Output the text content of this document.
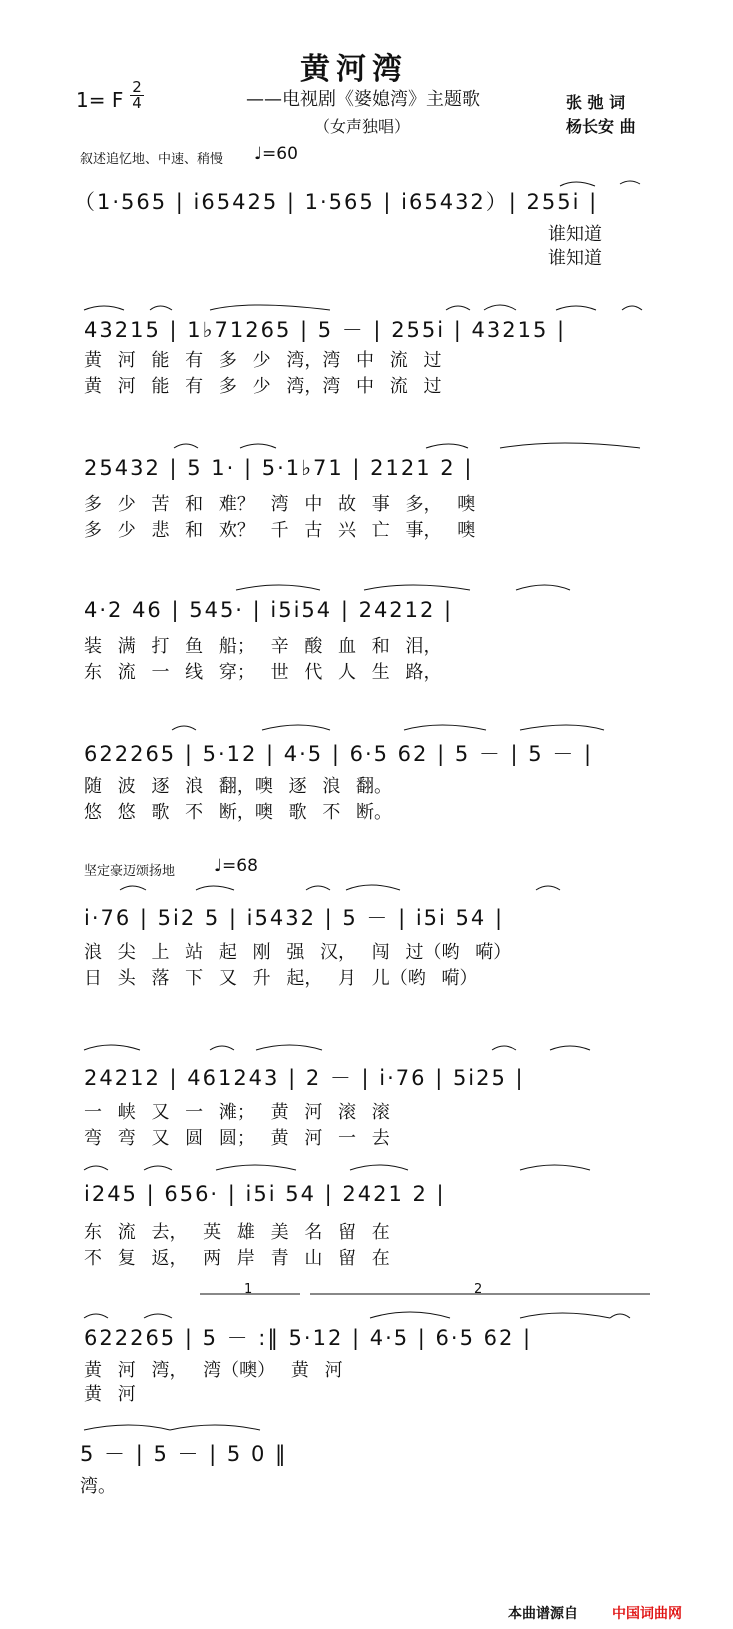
黄河湾
1= F
2
4	——电视剧《婆媳湾》主题歌
（女声独唱）
张 弛 词
杨长安 曲
叙述追忆地、中速、稍慢 ♩=60
（1·565 | i65425 | 1·565 | i65432）| 255i |
谁知道
谁知道
43215 | 1♭71265 | 5 － | 255i | 43215 |
黄 河 能 有 多 少 湾，湾 中 流 过
黄 河 能 有 多 少 湾，湾 中 流 过
25432 | 5 1· | 5·1♭71 | 2121 2 |
多 少 苦 和 难？ 湾 中 故 事 多， 噢
多 少 悲 和 欢？ 千 古 兴 亡 事， 噢
4·2 46 | 545· | i5i54 | 24212 |
装 满 打 鱼 船； 辛 酸 血 和 泪，
东 流 一 线 穿； 世 代 人 生 路，
622265 | 5·12 | 4·5 | 6·5 62 | 5 － | 5 － |
随 波 逐 浪 翻，噢 逐 浪 翻。
悠 悠 歌 不 断，噢 歌 不 断。
坚定豪迈颂扬地 ♩=68
i·76 | 5i2 5 | i5432 | 5 － | i5i 54 |
浪 尖 上 站 起 刚 强 汉， 闯 过（哟 嗬）
日 头 落 下 又 升 起， 月 儿（哟 嗬）
24212 | 461243 | 2 － | i·76 | 5i25 |
一 峡 又 一 滩； 黄 河 滚 滚
弯 弯 又 圆 圆； 黄 河 一 去
i245 | 656· | i5i 54 | 2421 2 |
东 流 去， 英 雄 美 名 留 在
不 复 返， 两 岸 青 山 留 在
1	2
622265 | 5 － :‖ 5·12 | 4·5 | 6·5 62 |
黄 河 湾， 湾（噢） 黄 河
黄 河
5 － | 5 － | 5 0 ‖
湾。
本曲谱源自 中国词曲网
